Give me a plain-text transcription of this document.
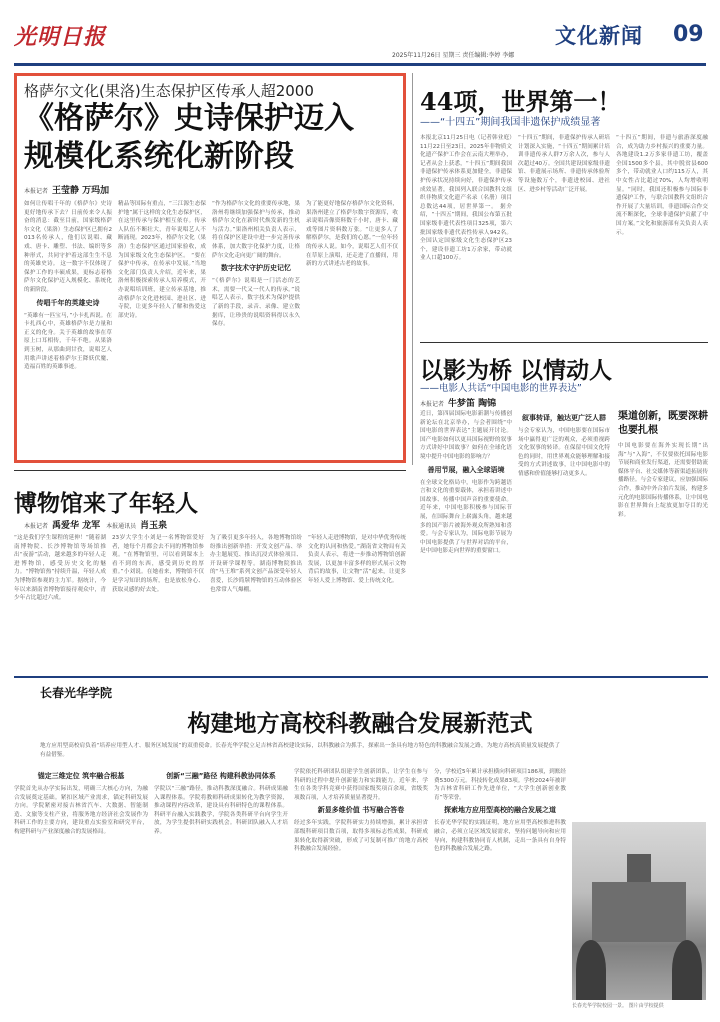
光明日报
2025年11月26日 星期三 责任编辑:李婷 李娜
文化新闻 09
格萨尔文化(果洛)生态保护区传承人超2000
《格萨尔》史诗保护迈入
规模化系统化新阶段
本报记者 王莹静 万玛加
如何让传唱千年的《格萨尔》史诗更好地传承下去？日前传来令人振奋的消息：截至目前，国家级格萨尔文化（果洛）生态保护区已拥有2013名传承人，他们以说唱、藏戏、唐卡、雕塑、书法、编织等多种形式，共同守护着这部生生不息的英雄史诗。 这一数字不仅体现了保护工作的丰硕成果，更标志着格萨尔文化保护迈入规模化、系统化的新阶段。
传唱千年的英雄史诗
“英雄有一匹宝马，”小卡扎西说。在卡扎西心中，英雄格萨尔是力量和正义的化身。关于英雄的故事在草原上口耳相传，千年不绝。从果洛到玉树，从那曲到甘孜，说唱艺人用歌声讲述着格萨尔王降妖伏魔、造福百姓的英雄事迹。
精品等国际有重点，“三江源生态保护地”属于这样的文化生态保护区，在这里传承与保护相互依存。传承人队伍不断壮大，青年说唱艺人不断涌现。2023年，格萨尔文化（果洛）生态保护区通过国家验收，成为国家级文化生态保护区。 “要在保护中传承，在传承中发展。”当地文化部门负责人介绍，近年来，果洛州积极探索传承人培养模式，开办说唱培训班，建立传承基地，推动格萨尔文化进校园、进社区、进寺院，让更多年轻人了解和热爱这部史诗。
“作为格萨尔文化的重要传承地，果洛州将继续加强保护与传承，推动格萨尔文化在新时代焕发新的生机与活力。”果洛州相关负责人表示，将在保护区建设中进一步完善传承体系，加大数字化保护力度，让格萨尔文化走向更广阔的舞台。
数字技术守护历史记忆
“《格萨尔》说唱是一门活态的艺术，需要一代又一代人的传承。”说唱艺人表示，数字技术为保护提供了新的手段，录音、录像、建立数据库，让珍贵的说唱资料得以永久保存。
为了能更好地保存格萨尔文化资料，果洛州建立了格萨尔数字资源库，收录说唱音像资料数千小时，唐卡、藏戏等图片资料数万张。“让更多人了解格萨尔，是我们的心愿。”一位年轻的传承人说。如今，说唱艺人们不仅在草原上演唱，还走进了直播间，用新的方式讲述古老的故事。
44项，世界第一！
——“十四五”期间我国非遗保护成绩显著
本报北京11月25日电（记者韩业庭）11月22日至23日，2025年非物质文化遗产保护工作会在云南大理举办，记者从会上获悉，“十四五”期间我国非遗保护传承体系更加健全，非遗保护传承状况持续向好，非遗保护传承成效显著，我国列入联合国教科文组织非物质文化遗产名录（名册）项目总数达44项，居世界第一。 据介绍，“十四五”期间，我国公布第五批国家级非遗代表性项目325项，第六批国家级非遗代表性传承人942名。全国认定国家级文化生态保护区23个，建设非遗工坊1万余家，带动就业人口超100万。
“十四五”期间，非遗保护传承人研培计划深入实施，“十四五”期间累计培训非遗传承人群7万余人次，参与人次超过40万。全国共建设国家级非遗馆、非遗展示场所、非遗传承体验所等设施数万个，非遗进校园、进社区、进乡村等活动广泛开展。
“十四五”期间，非遗与旅游深度融合，成为助力乡村振兴的重要力量。各地建设1.2万多家非遗工坊，覆盖全国1500多个县，其中脱贫县600多个，带动就业人口约115万人，其中女性占比超过70%，人均增收明显。“同时，我国还积极参与国际非遗保护工作，与联合国教科文组织合作开展了大量培训，非遗国际合作交流不断深化，全球非遗保护贡献了中国方案。”文化和旅游部有关负责人表示。
以影为桥 以情动人
——电影人共话“中国电影的世界表达”
本报记者 牛梦笛 陶锦
近日，第四届国际电影新潮与传播创新论坛在北京举办，与会者围绕“中国电影的世界表达”主题展开讨论。国产电影如何以更具国际视野的叙事方式讲好中国故事？如何在全球化语境中提升中国电影的影响力？
善用节展，融入全球语境
在全球文化格局中，电影作为跨越语言和文化的重要载体，承担着讲述中国故事、传播中国声音的重要使命。近年来，中国电影积极参与国际节展，在国际舞台上崭露头角，越来越多的国产影片被海外观众所熟知和喜爱。与会专家认为，国际电影节展为中国电影提供了与世界对话的平台，是中国电影走向世界的重要窗口。
叙事转译，触达更广泛人群
与会专家认为，中国电影要在国际市场中赢得更广泛的观众，必须重视跨文化叙事的转译。在保留中国文化特色的同时，用世界观众能够理解和接受的方式讲述故事，让中国电影中的情感和价值能够打动更多人。
渠道创新，既要深耕也要扎根
中国电影要在海外实现长期“出海”与“入海”，不仅要依托国际电影节展和商业发行渠道，还需要借助流媒体平台、社交媒体等新渠道拓展传播路径。与会专家建议，应加强国际合作，推动中外合拍片发展，构建多元化的电影国际传播体系，让中国电影在世界舞台上绽放更加夺目的光彩。
博物馆来了年轻人
本报记者 禹爱华 龙军 本报通讯员 肖玉泉
“这是我们学生课程的延伸！”随着湖南博物院、长沙博物馆等场馆推出“夜游”活动，越来越多的年轻人走进博物馆，感受历史文化的魅力。“博物馆热”持续升温，年轻人成为博物馆参观的主力军。据统计，今年以来湖南省博物馆接待观众中，青少年占比超过六成。
23岁大学生小刘是一名博物馆爱好者，她每个月都会去不同的博物馆参观。“在博物馆里，可以看到课本上看不到的东西，感受到历史的厚重。”小刘说。在她看来，博物馆不仅是学习知识的场所，也是放松身心、获取灵感的好去处。
为了吸引更多年轻人，各地博物馆纷纷推出创新举措：开发文创产品、举办主题展览、推出沉浸式体验项目、开设研学课程等。湖南博物院推出的“马王堆”系列文创产品深受年轻人喜爱，长沙简牍博物馆的互动体验区也常常人气爆棚。
“年轻人走进博物馆，是对中华优秀传统文化的认同和热爱。”湖南省文物局有关负责人表示，将进一步推动博物馆创新发展，以更加丰富多样的形式展示文物背后的故事，让文物“活”起来，让更多年轻人爱上博物馆、爱上传统文化。
长春光华学院
构建地方高校科教融合发展新范式
地方应用型高校肩负着“培养应用型人才、服务区域发展”的双重使命。长春光华学院立足吉林省高校建设实际，以科教融合为抓手，探索出一条具有地方特色的科教融合发展之路，为地方高校高质量发展提供了有益借鉴。
锚定三维定位 筑牢融合根基
学院首先从办学实际出发，明确三大核心方向，为融合发展奠定基础。紧扣区域产业需求，锚定科研发展方向。学院紧密对接吉林省汽车、大数据、智能制造、文旅等支柱产业，将服务地方经济社会发展作为科研工作的主要方向，建设重点实验室和研究平台，构建科研与产业深度融合的发展格局。
创新“三融”路径 构建科教协同体系
学院以“三融”路径，推动科教深度融合。科研成果融入课程体系。学院将教师科研成果转化为教学资源，推动课程内容改革，建设具有科研特色的课程体系。科研平台融入实践教学，学院各类科研平台向学生开放，为学生提供科研实践机会。科研团队融入人才培养。
学院依托科研团队组建学生创新团队，让学生在参与科研的过程中提升创新能力和实践能力。近年来，学生在各类学科竞赛中获得国家级奖项百余项，省级奖项数百项，人才培养质量显著提升。
新显多维价值 书写融合答卷
经过多年实践，学院科研实力持续增强，累计承担省部级科研项目数百项，取得多项标志性成果，科研成果转化取得新突破，形成了可复制可推广的地方高校科教融合发展经验。
分，学校近5年累计承担横向科研项目186项，到账经费5300万元。科技转化成果83项。学校2024年被评为吉林省科研工作先进单位，“大学生创新创业教育”等荣誉。
探索地方应用型高校的融合发展之道
长春光华学院的实践证明，地方应用型高校推进科教融合，必须立足区域发展需求，坚持问题导向和应用导向，构建科教协同育人机制，走出一条具有自身特色的科教融合发展之路。
长春光华学院校园一景。 图片由学校提供
